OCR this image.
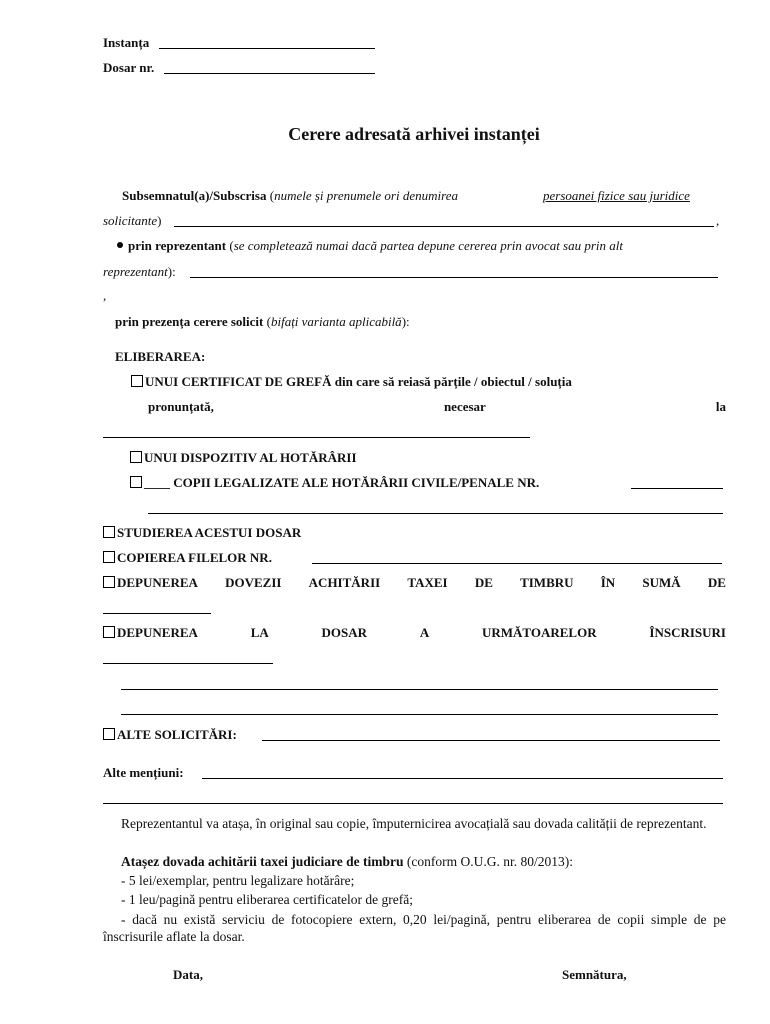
Instanța
Dosar nr.
Cerere adresată arhivei instanței
Subsemnatul(a)/Subscrisa (numele și prenumele ori denumirea	persoanei fizice sau juridice
solicitante)	,
prin reprezentant (se completează numai dacă partea depune cererea prin avocat sau prin alt
reprezentant):
,
prin prezența cerere solicit (bifați varianta aplicabilă):
ELIBERAREA:
UNUI CERTIFICAT DE GREFĂ din care să reiasă părțile / obiectul / soluția
pronunțată,	necesar	la
UNUI DISPOZITIV AL HOTĂRÂRII
____ COPII LEGALIZATE ALE HOTĂRÂRII CIVILE/PENALE NR.
STUDIEREA ACESTUI DOSAR
COPIEREA FILELOR NR.
DEPUNEREA DOVEZII ACHITĂRII TAXEI DE TIMBRU ÎN SUMĂ DE
DEPUNEREA	LA	DOSAR	A	URMĂTOARELOR	ÎNSCRISURI
ALTE SOLICITĂRI:
Alte mențiuni:
Reprezentantul va atașa, în original sau copie, împuternicirea avocațială sau dovada calității de reprezentant.
Atașez dovada achitării taxei judiciare de timbru (conform O.U.G. nr. 80/2013):
- 5 lei/exemplar, pentru legalizare hotărâre;
- 1 leu/pagină pentru eliberarea certificatelor de grefă;
- dacă nu există serviciu de fotocopiere extern, 0,20 lei/pagină, pentru eliberarea de copii simple de pe înscrisurile aflate la dosar.
Data,	Semnătura,
